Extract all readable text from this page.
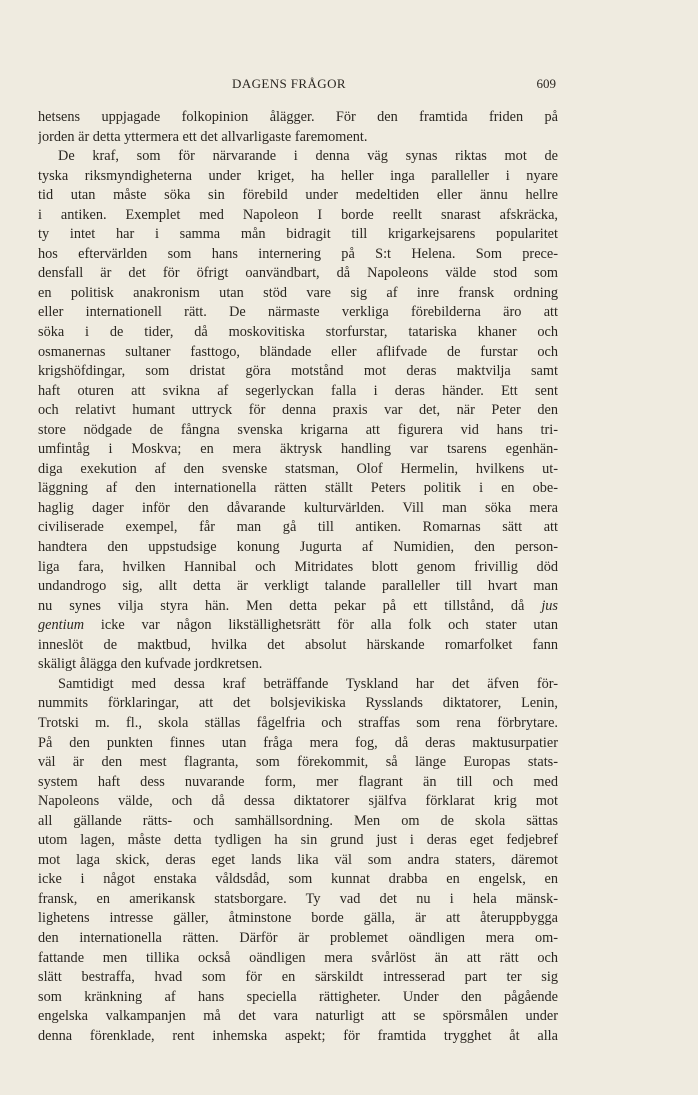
DAGENS FRÅGOR	609
hetsens uppjagade folkopinion ålägger. För den framtida friden på
jorden är detta yttermera ett det allvarligaste faremoment.
De kraf, som för närvarande i denna väg synas riktas mot de
tyska riksmyndigheterna under kriget, ha heller inga paralleller i nyare
tid utan måste söka sin förebild under medeltiden eller ännu hellre
i antiken. Exemplet med Napoleon I borde reellt snarast afskräcka,
ty intet har i samma mån bidragit till krigarkejsarens popularitet
hos eftervärlden som hans internering på S:t Helena. Som prece-
densfall är det för öfrigt oanvändbart, då Napoleons välde stod som
en politisk anakronism utan stöd vare sig af inre fransk ordning
eller internationell rätt. De närmaste verkliga förebilderna äro att
söka i de tider, då moskovitiska storfurstar, tatariska khaner och
osmanernas sultaner fasttogo, bländade eller aflifvade de furstar och
krigshöfdingar, som dristat göra motstånd mot deras maktvilja samt
haft oturen att svikna af segerlyckan falla i deras händer. Ett sent
och relativt humant uttryck för denna praxis var det, när Peter den
store nödgade de fångna svenska krigarna att figurera vid hans tri-
umfintåg i Moskva; en mera äktrysk handling var tsarens egenhän-
diga exekution af den svenske statsman, Olof Hermelin, hvilkens ut-
läggning af den internationella rätten ställt Peters politik i en obe-
haglig dager inför den dåvarande kulturvärlden. Vill man söka mera
civiliserade exempel, får man gå till antiken. Romarnas sätt att
handtera den uppstudsige konung Jugurta af Numidien, den person-
liga fara, hvilken Hannibal och Mitridates blott genom frivillig död
undandrogo sig, allt detta är verkligt talande paralleller till hvart man
nu synes vilja styra hän. Men detta pekar på ett tillstånd, då jus
gentium icke var någon likställighetsrätt för alla folk och stater utan
inneslöt de maktbud, hvilka det absolut härskande romarfolket fann
skäligt ålägga den kufvade jordkretsen.
Samtidigt med dessa kraf beträffande Tyskland har det äfven för-
nummits förklaringar, att det bolsjevikiska Rysslands diktatorer, Lenin,
Trotski m. fl., skola ställas fågelfria och straffas som rena förbrytare.
På den punkten finnes utan fråga mera fog, då deras maktusurpatier
väl är den mest flagranta, som förekommit, så länge Europas stats-
system haft dess nuvarande form, mer flagrant än till och med
Napoleons välde, och då dessa diktatorer själfva förklarat krig mot
all gällande rätts- och samhällsordning. Men om de skola sättas
utom lagen, måste detta tydligen ha sin grund just i deras eget fedjebref
mot laga skick, deras eget lands lika väl som andra staters, däremot
icke i något enstaka våldsdåd, som kunnat drabba en engelsk, en
fransk, en amerikansk statsborgare. Ty vad det nu i hela mänsk-
lighetens intresse gäller, åtminstone borde gälla, är att återuppbygga
den internationella rätten. Därför är problemet oändligen mera om-
fattande men tillika också oändligen mera svårlöst än att rätt och
slätt bestraffa, hvad som för en särskildt intresserad part ter sig
som kränkning af hans speciella rättigheter. Under den pågående
engelska valkampanjen må det vara naturligt att se spörsmålen under
denna förenklade, rent inhemska aspekt; för framtida trygghet åt alla
